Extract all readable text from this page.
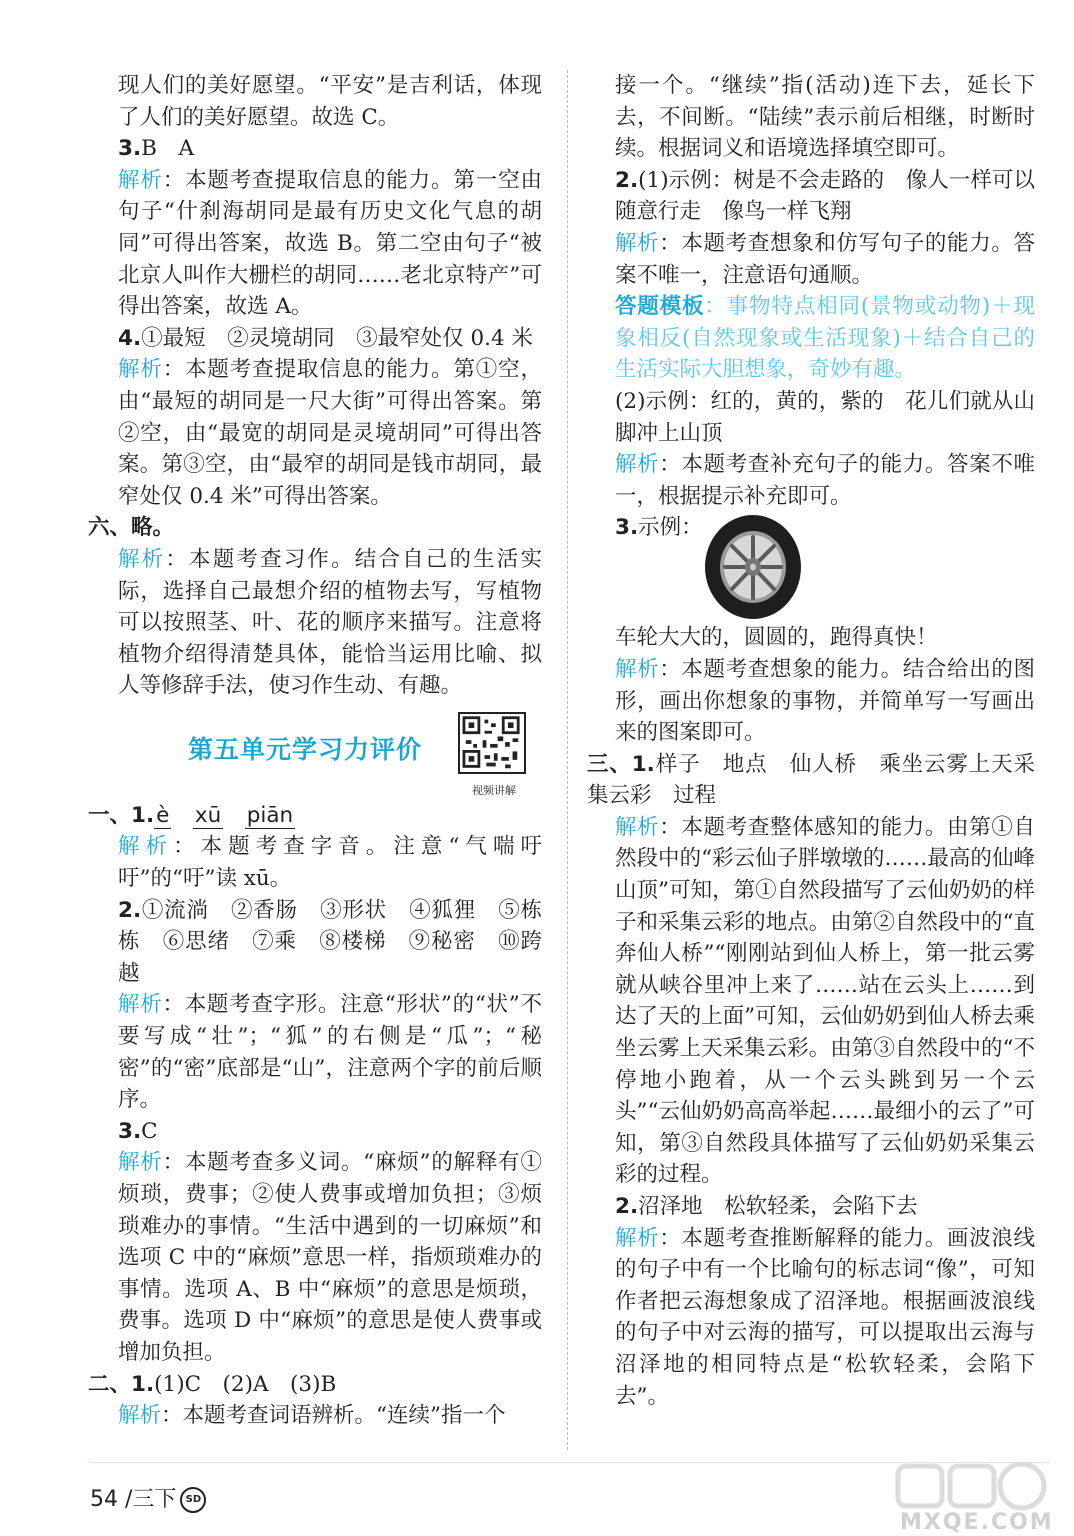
现人们的美好愿望。“平安”是吉利话，体现了人们的美好愿望。故选 C。

3.B　A

解析：本题考查提取信息的能力。第一空由句子“什刹海胡同是最有历史文化气息的胡同”可得出答案，故选 B。第二空由句子“被北京人叫作大栅栏的胡同……老北京特产”可得出答案，故选 A。

4.①最短　②灵境胡同　③最窄处仅 0.4 米

解析：本题考查提取信息的能力。第①空，由“最短的胡同是一尺大街”可得出答案。第②空，由“最宽的胡同是灵境胡同”可得出答案。第③空，由“最窄的胡同是钱市胡同，最窄处仅 0.4 米”可得出答案。

六、略。

解析：本题考查习作。结合自己的生活实际，选择自己最想介绍的植物去写，写植物可以按照茎、叶、花的顺序来描写。注意将植物介绍得清楚具体，能恰当运用比喻、拟人等修辞手法，使习作生动、有趣。

第五单元学习力评价
视频讲解

一、1.è　 xū　 piān

解析：本题考查字音。注意“气喘吁吁”的“吁”读 xū。

2.①流淌　②香肠　③形状　④狐狸　⑤栋栋　⑥思绪　⑦乘　⑧楼梯　⑨秘密　⑩跨越

解析：本题考查字形。注意“形状”的“状”不要写成“壮”；“狐”的右侧是“瓜”；“秘密”的“密”底部是“山”，注意两个字的前后顺序。

3.C

解析：本题考查多义词。“麻烦”的解释有①烦琐，费事；②使人费事或增加负担；③烦琐难办的事情。“生活中遇到的一切麻烦”和选项 C 中的“麻烦”意思一样，指烦琐难办的事情。选项 A、B 中“麻烦”的意思是烦琐，费事。选项 D 中“麻烦”的意思是使人费事或增加负担。

二、1.(1)C　(2)A　(3)B

解析：本题考查词语辨析。“连续”指一个

接一个。“继续”指(活动)连下去，延长下去，不间断。“陆续”表示前后相继，时断时续。根据词义和语境选择填空即可。

2.(1)示例：树是不会走路的　像人一样可以随意行走　像鸟一样飞翔

解析：本题考查想象和仿写句子的能力。答案不唯一，注意语句通顺。

答题模板：事物特点相同(景物或动物)＋现象相反(自然现象或生活现象)＋结合自己的生活实际大胆想象，奇妙有趣。

(2)示例：红的，黄的，紫的　花儿们就从山脚冲上山顶

解析：本题考查补充句子的能力。答案不唯一，根据提示补充即可。

3.示例：

车轮大大的，圆圆的，跑得真快！

解析：本题考查想象的能力。结合给出的图形，画出你想象的事物，并简单写一写画出来的图案即可。

三、1.样子　地点　仙人桥　乘坐云雾上天采集云彩　过程

解析：本题考查整体感知的能力。由第①自然段中的“彩云仙子胖墩墩的……最高的仙峰山顶”可知，第①自然段描写了云仙奶奶的样子和采集云彩的地点。由第②自然段中的“直奔仙人桥”“刚刚站到仙人桥上，第一批云雾就从峡谷里冲上来了……站在云头上……到达了天的上面”可知，云仙奶奶到仙人桥去乘坐云雾上天采集云彩。由第③自然段中的“不停地小跑着，从一个云头跳到另一个云头”“云仙奶奶高高举起……最细小的云了”可知，第③自然段具体描写了云仙奶奶采集云彩的过程。

2.沼泽地　松软轻柔，会陷下去

解析：本题考查推断解释的能力。画波浪线的句子中有一个比喻句的标志词“像”，可知作者把云海想象成了沼泽地。根据画波浪线的句子中对云海的描写，可以提取出云海与沼泽地的相同特点是“松软轻柔，会陷下去”。

54 /三下 SD
MXQE.COM
